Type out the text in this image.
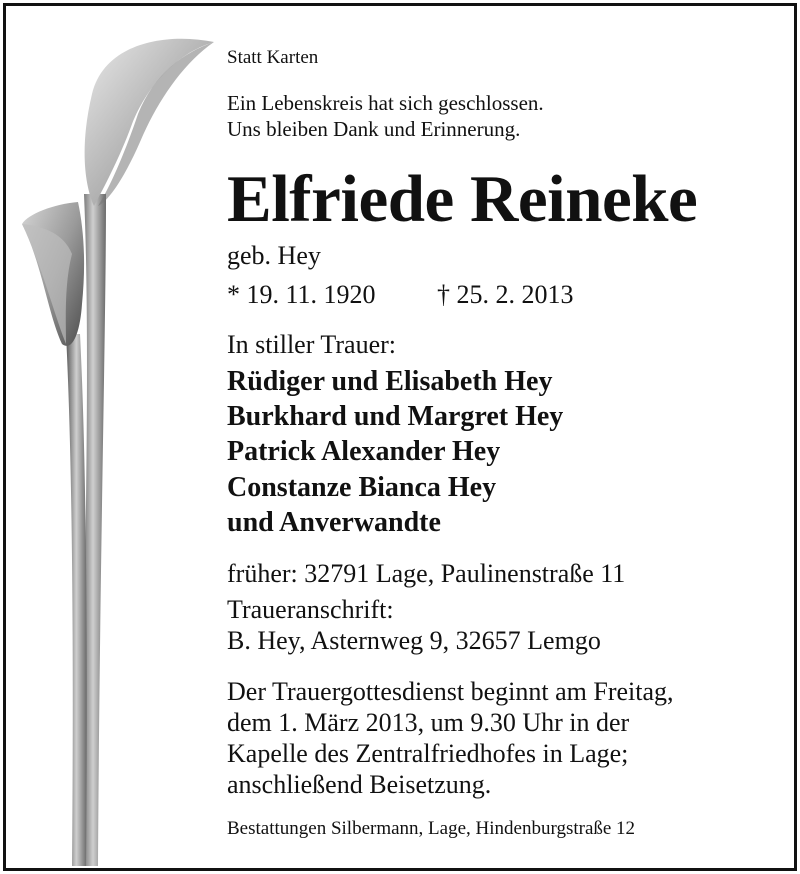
Statt Karten
Ein Lebenskreis hat sich geschlossen.
Uns bleiben Dank und Erinnerung.
Elfriede Reineke
geb. Hey
* 19. 11. 1920 † 25. 2. 2013
In stiller Trauer:
Rüdiger und Elisabeth Hey
Burkhard und Margret Hey
Patrick Alexander Hey
Constanze Bianca Hey
und Anverwandte
früher: 32791 Lage, Paulinenstraße 11
Traueranschrift:
B. Hey, Asternweg 9, 32657 Lemgo
Der Trauergottesdienst beginnt am Freitag,
dem 1. März 2013, um 9.30 Uhr in der
Kapelle des Zentralfriedhofes in Lage;
anschließend Beisetzung.
Bestattungen Silbermann, Lage, Hindenburgstraße 12
